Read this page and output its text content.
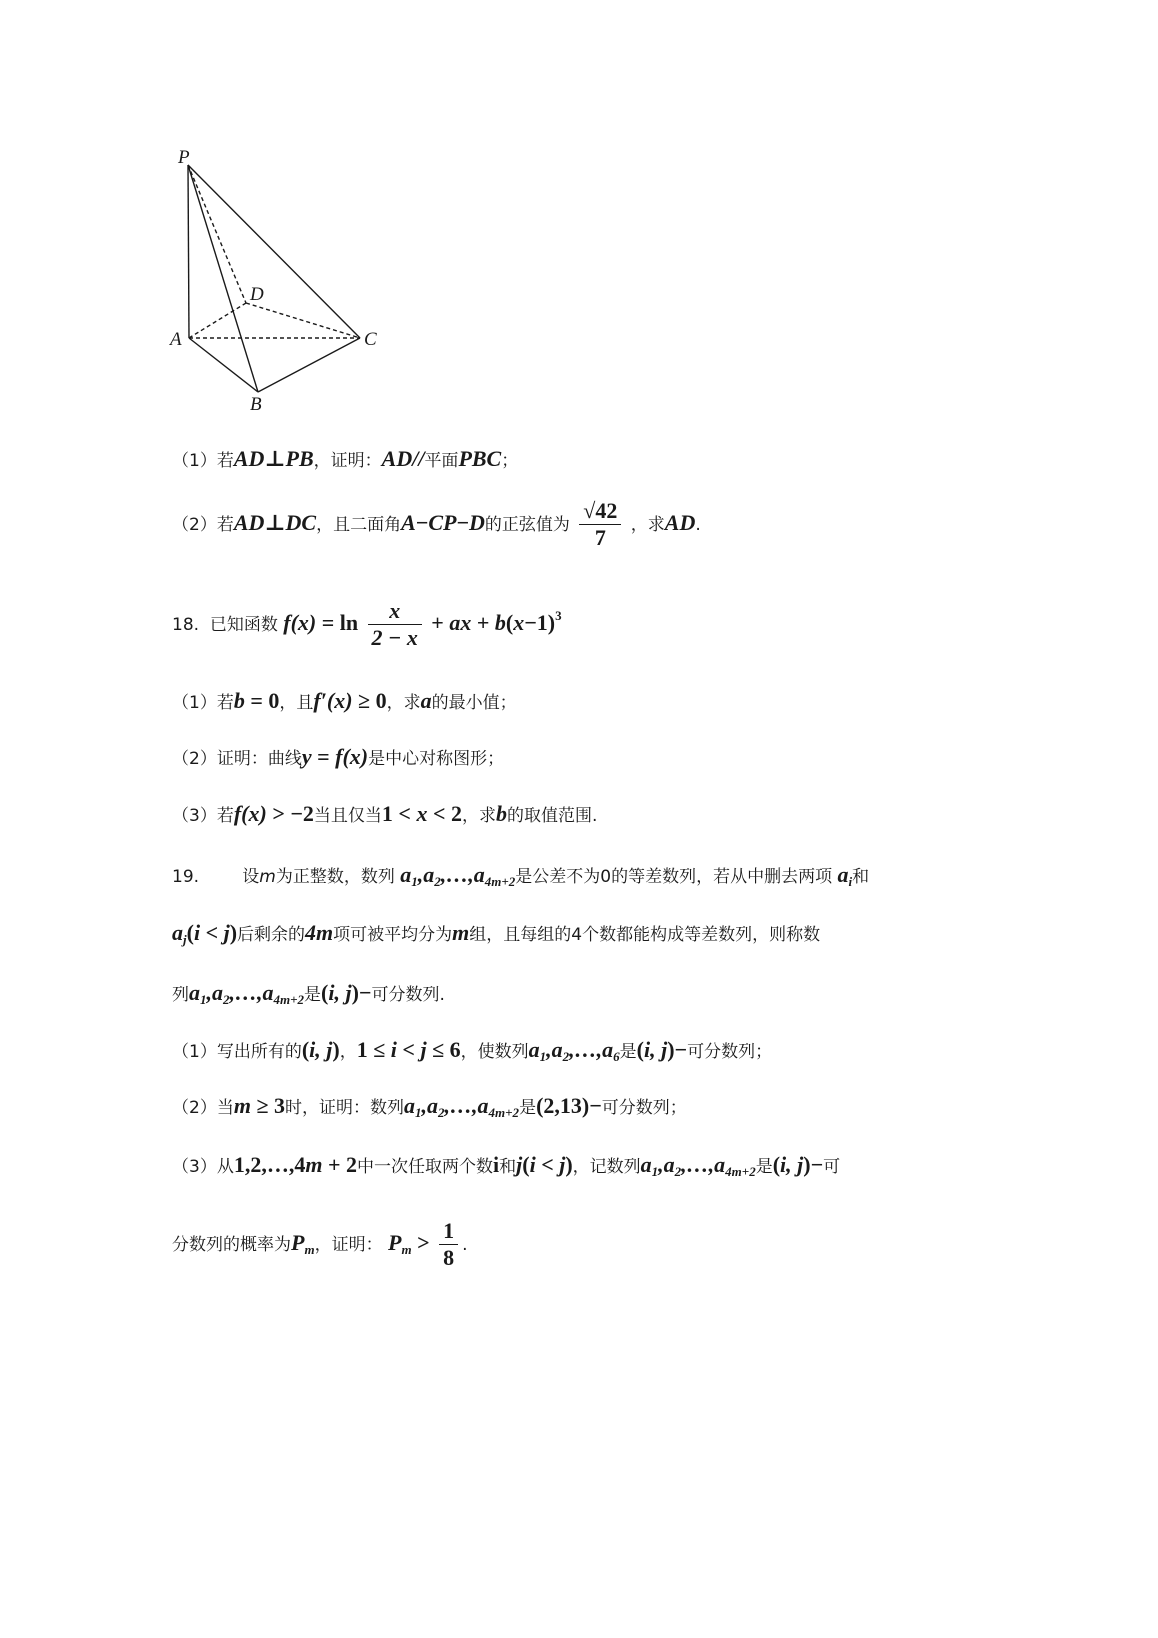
P
D
A	C
B
（1）若AD⊥PB，证明：AD//平面PBC；
（2）若AD⊥DC，且二面角A−CP−D的正弦值为 $\frac{√42}{7}$ ，求AD.
18. 已知函数 $f(x) = \ln \frac{x}{2 - x}$ + ax + $b(x-1)^3$
（1）若b = 0，且f′(x) ≥ 0，求a的最小值；
（2）证明：曲线y = f(x)是中心对称图形；
（3）若f(x) > −2当且仅当1 < x < 2，求b的取值范围.
19.	设m为正整数，数列 $a_1,a_2,\dots,a_{4m+2}$是公差不为0的等差数列，若从中删去两项 $a_i$和
$a_j(i < j)$后剩余的4m项可被平均分为m组，且每组的4个数都能构成等差数列，则称数
列$a_1,a_2,\dots,a_{4m+2}$是(i, j)−可分数列.
（1）写出所有的(i, j)，1 ≤ i < j ≤ 6，使数列$a_1,a_2,\dots,a_6$是(i, j)−可分数列；
（2）当m ≥ 3时，证明：数列$a_1,a_2,\dots,a_{4m+2}$是(2,13)−可分数列；
（3）从1,2,…,4m + 2中一次任取两个数i和j(i < j)，记数列$a_1,a_2,\dots,a_{4m+2}$是(i, j)−可
分数列的概率为$P_m$，证明： $P_m > \frac{1}{8}$ .
